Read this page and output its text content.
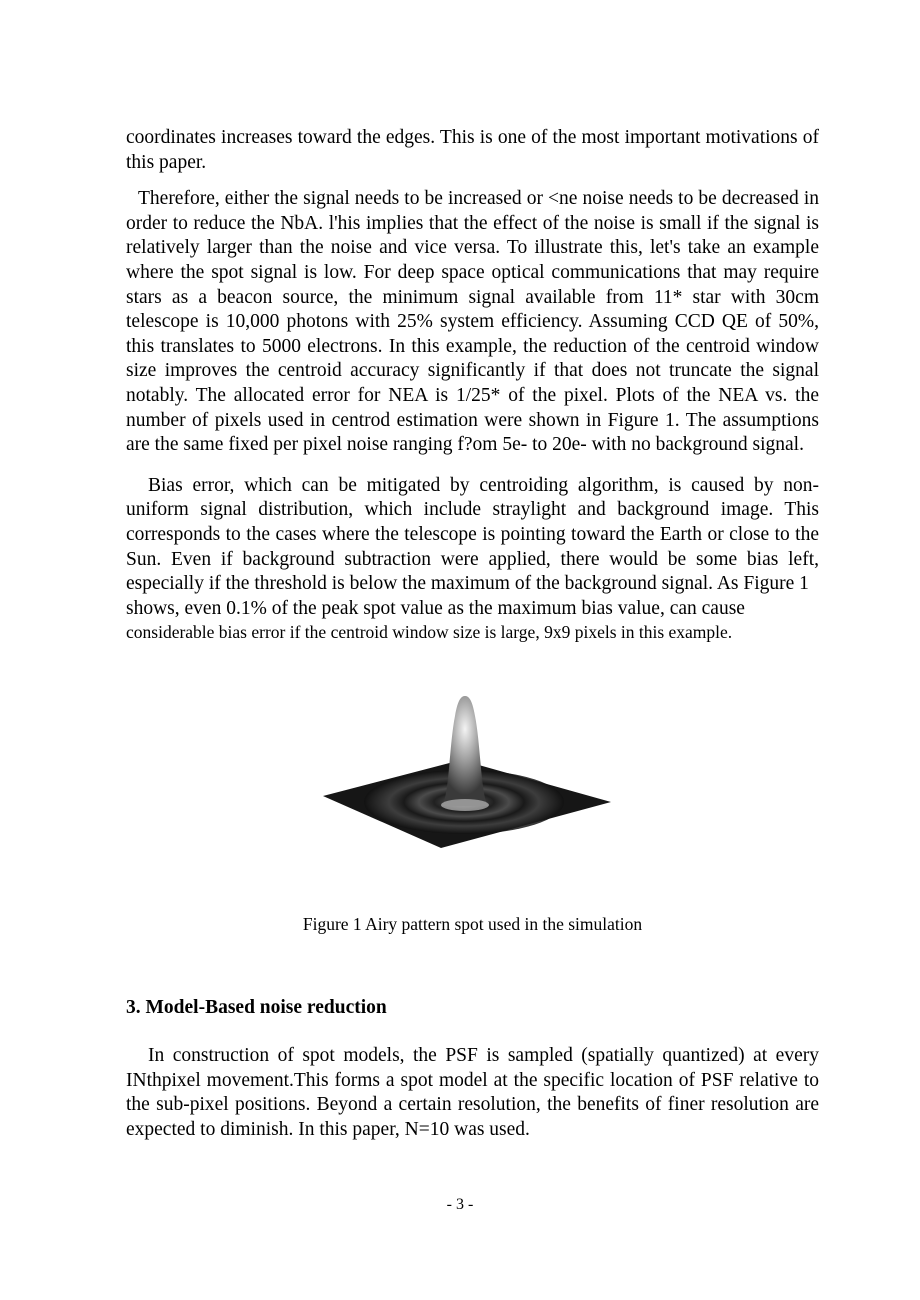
coordinates increases toward the edges. This is one of the most important motivations of this paper.

Therefore, either the signal needs to be increased or <ne noise needs to be decreased in order to reduce the NbA. l'his implies that the effect of the noise is small if the signal is relatively larger than the noise and vice versa. To illustrate this, let's take an example where the spot signal is low. For deep space optical communications that may require stars as a beacon source, the minimum signal available from 11* star with 30cm telescope is 10,000 photons with 25% system efficiency. Assuming CCD QE of 50%, this translates to 5000 electrons. In this example, the reduction of the centroid window size improves the centroid accuracy significantly if that does not truncate the signal notably. The allocated error for NEA is 1/25* of the pixel. Plots of the NEA vs. the number of pixels used in centrod estimation were shown in Figure 1. The assumptions are the same fixed per pixel noise ranging f?om 5e- to 20e- with no background signal.

Bias error, which can be mitigated by centroiding algorithm, is caused by non-uniform signal distribution, which include straylight and background image. This corresponds to the cases where the telescope is pointing toward the Earth or close to the Sun. Even if background subtraction were applied, there would be some bias left, especially if the threshold is below the maximum of the background signal. As Figure 1

shows, even 0.1% of the peak spot value as the maximum bias value, can cause

considerable bias error if the centroid window size is large, 9x9 pixels in this example.

Figure 1 Airy pattern spot used in the simulation
3. Model-Based noise reduction

In construction of spot models, the PSF is sampled (spatially quantized) at every INthpixel movement.This forms a spot model at the specific location of PSF relative to the sub-pixel positions. Beyond a certain resolution, the benefits of finer resolution are expected to diminish. In this paper, N=10 was used.

- 3 -
